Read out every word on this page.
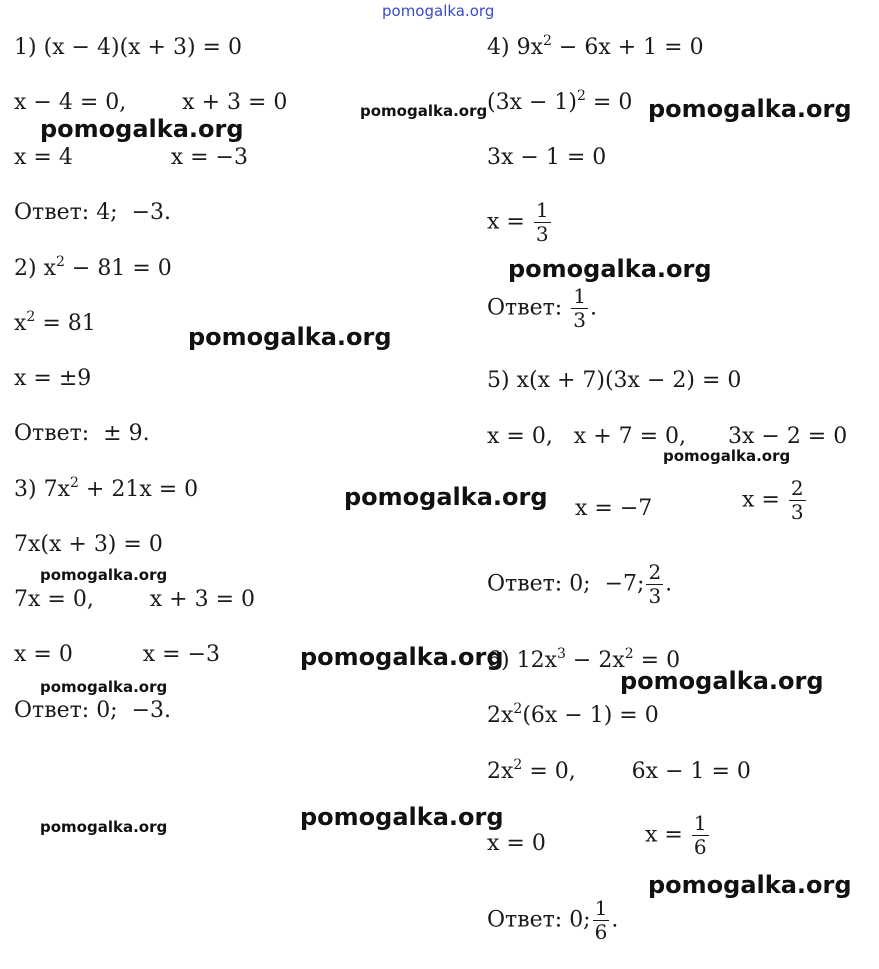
pomogalka.org
1) (x − 4)(x + 3) = 0
x − 4 = 0,        x + 3 = 0
x = 4              x = −3
Ответ: 4;  −3.
2) $x^2 - 81 = 0$
$x^2 = 81$
x = ±9
Ответ:  ± 9.
3) $7x^2 + 21x = 0$
7x(x + 3) = 0
7x = 0,        x + 3 = 0
x = 0          x = −3
Ответ: 0;  −3.
4) $9x^2 - 6x + 1 = 0$
$(3x - 1)^2 = 0$
3x − 1 = 0
$x = \frac{1}{3}$
Ответ: $\frac{1}{3}$ .
5) x(x + 7)(3x − 2) = 0
x = 0,   x + 7 = 0,      3x − 2 = 0
x = −7	$x = \frac{2}{3}$
Ответ: 0;  −7; $\frac{2}{3}$ .
6) $12x^3 - 2x^2 = 0$
$2x^2(6x - 1) = 0$
$2x^2 = 0$,        6x − 1 = 0
x = 0	$x = \frac{1}{6}$
Ответ: 0; $\frac{1}{6}$ .
pomogalka.org
pomogalka.org	pomogalka.org
pomogalka.org
pomogalka.org
pomogalka.org
pomogalka.org
pomogalka.org
pomogalka.org
pomogalka.org
pomogalka.org
pomogalka.org
pomogalka.org
pomogalka.org
